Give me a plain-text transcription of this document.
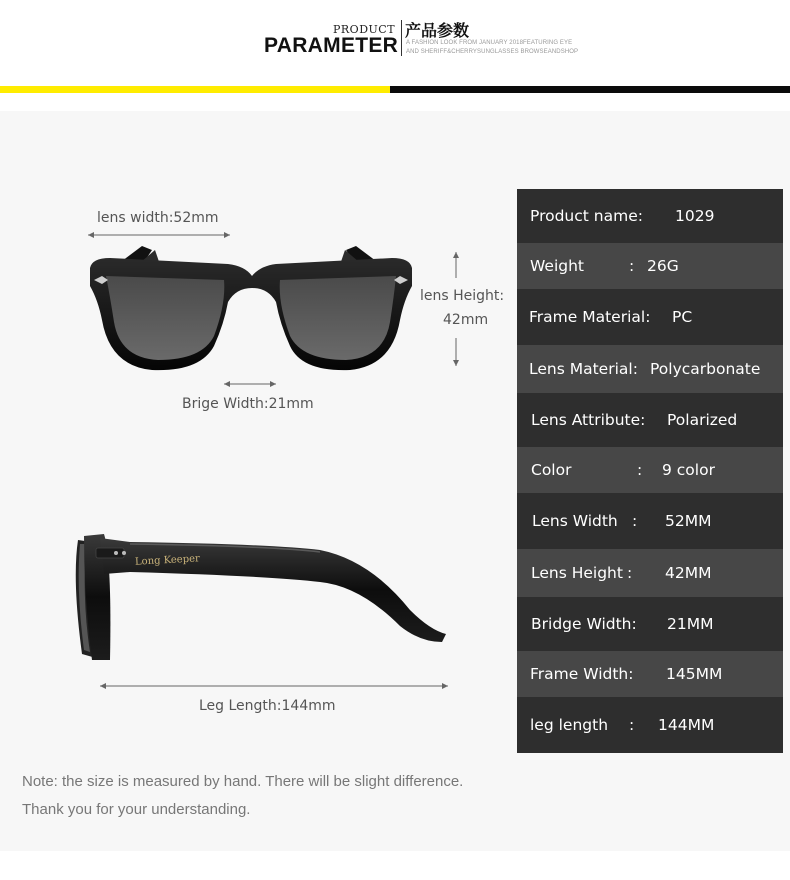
PRODUCT
PARAMETER
产品参数
A FASHION LOOK FROM JANUARY 2018FEATURING EYE
AND SHERIFF&CHERRYSUNGLASSES BROWSEANDSHOP
lens width:52mm
lens Height:
42mm
Brige Width:21mm
Long Keeper
Leg Length:144mm
Product name: 1029
Weight	: 26G
Frame Material: PC
Lens Material: Polycarbonate
Lens Attribute: Polarized
Color	: 9 color
Lens Width : 52MM
Lens Height : 42MM
Bridge Width: 21MM
Frame Width: 145MM
leg length : 144MM
Note: the size is measured by hand. There will be slight difference.
Thank you for your understanding.
